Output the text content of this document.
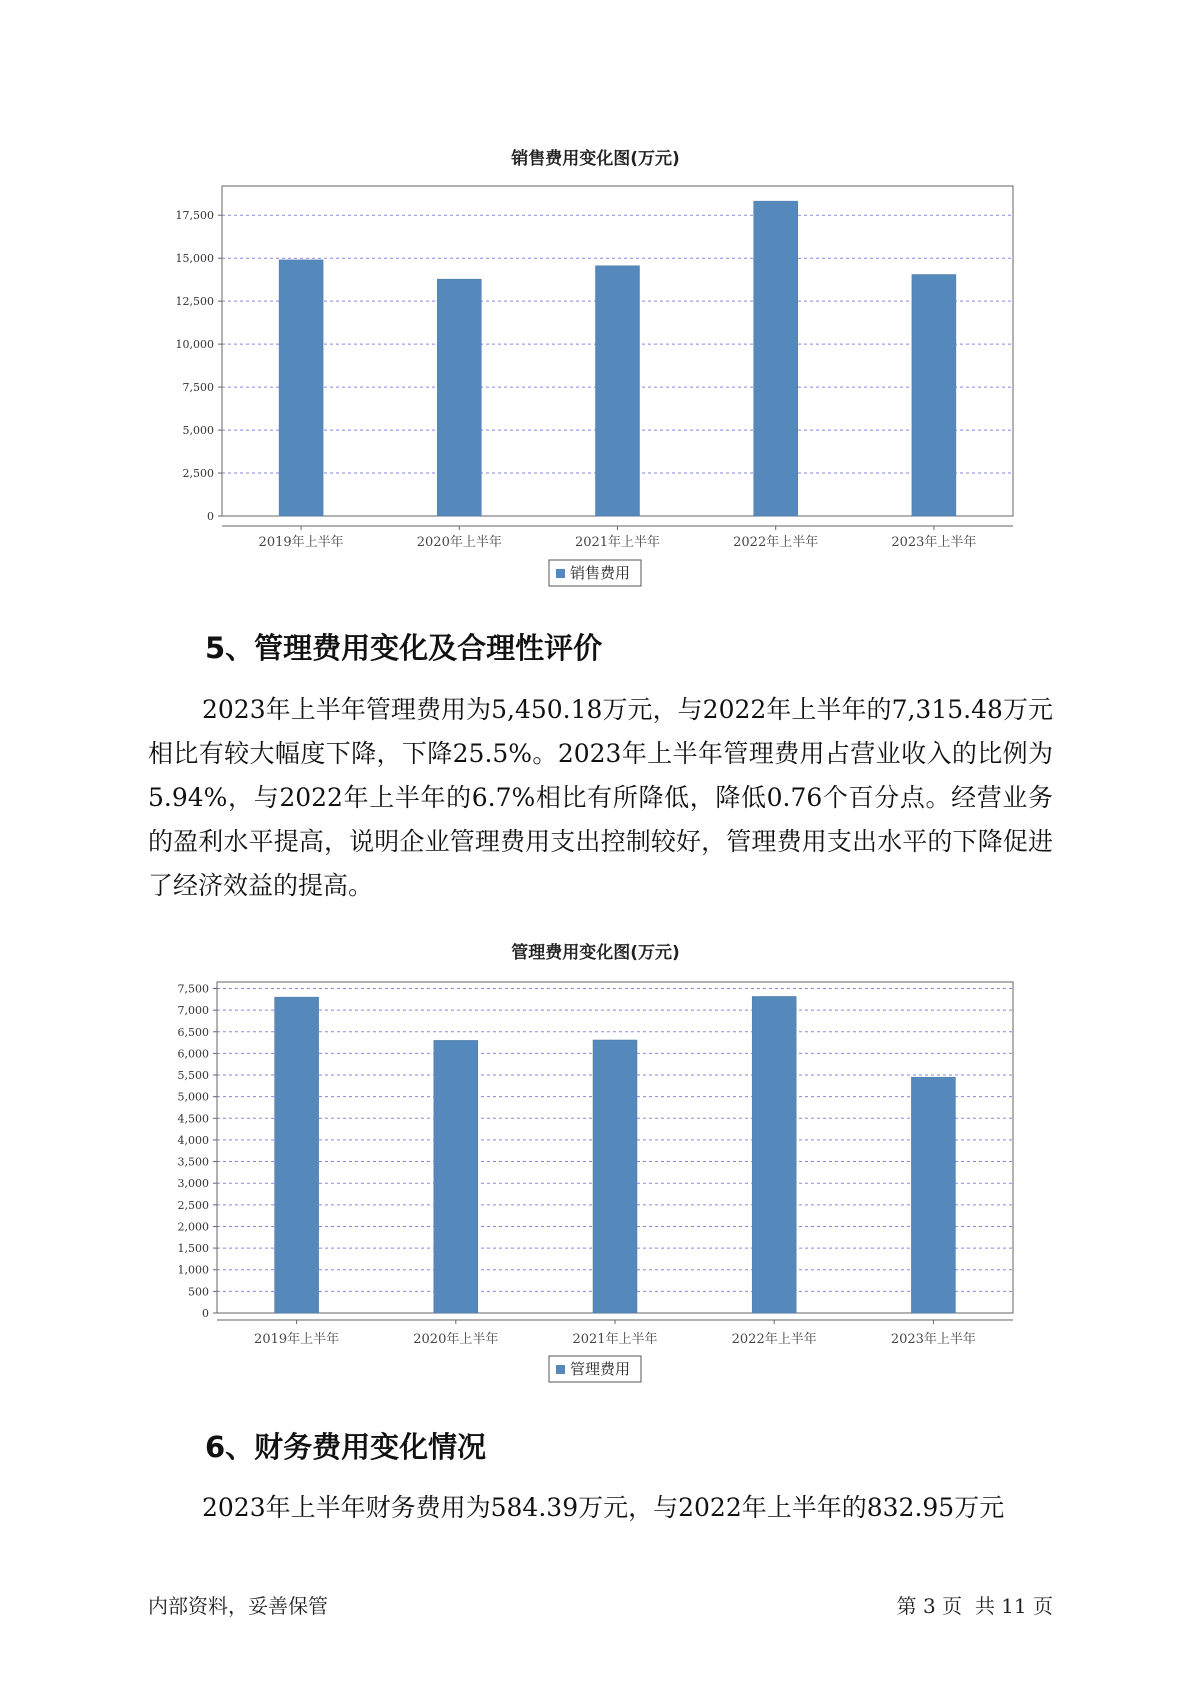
销售费用变化图(万元)
0
2,500
5,000
7,500
10,000
12,500
15,000
17,500
2019年上半年	2020年上半年	2021年上半年	2022年上半年	2023年上半年
销售费用
5、管理费用变化及合理性评价

2023年上半年管理费用为5,450.18万元，与2022年上半年的7,315.48万元相比有较大幅度下降，下降25.5%。2023年上半年管理费用占营业收入的比例为5.94%，与2022年上半年的6.7%相比有所降低，降低0.76个百分点。经营业务的盈利水平提高，说明企业管理费用支出控制较好，管理费用支出水平的下降促进了经济效益的提高。

管理费用变化图(万元)
0
500
1,000
1,500
2,000
2,500
3,000
3,500
4,000
4,500
5,000
5,500
6,000
6,500
7,000
7,500
2019年上半年	2020年上半年	2021年上半年	2022年上半年	2023年上半年
管理费用
6、财务费用变化情况

2023年上半年财务费用为584.39万元，与2022年上半年的832.95万元

内部资料，妥善保管	第 3 页  共 11 页
